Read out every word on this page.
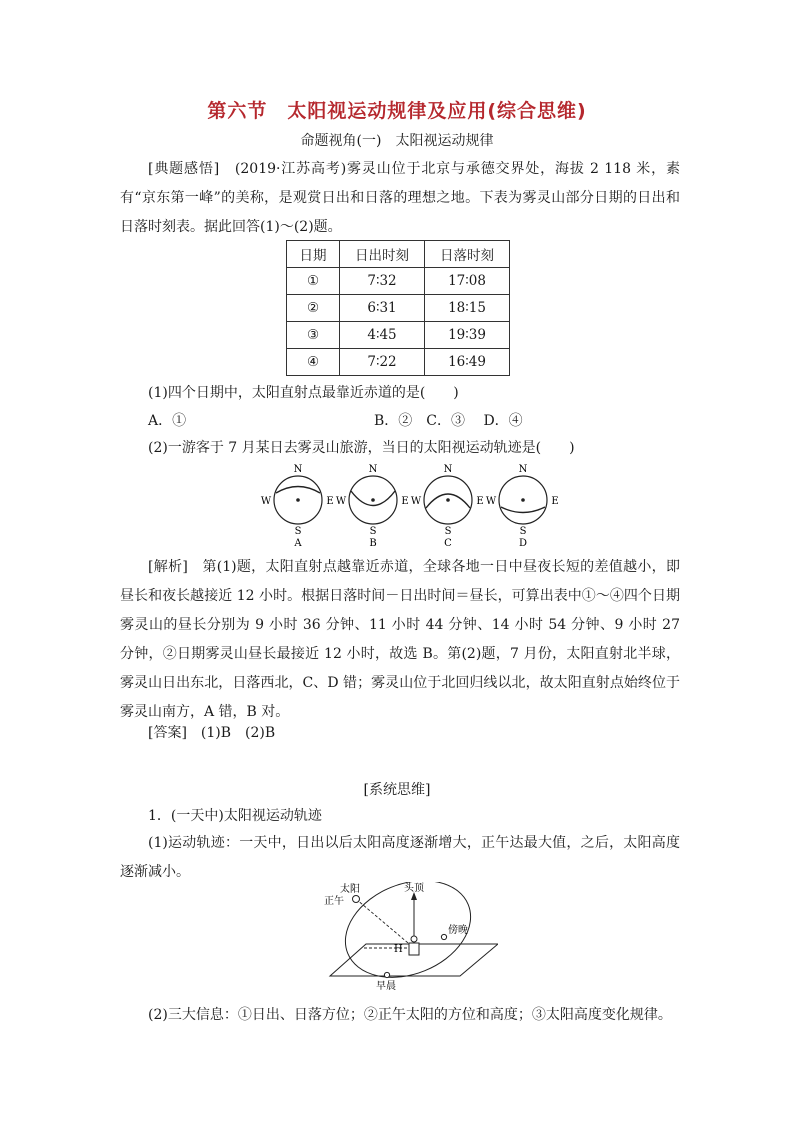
第六节　太阳视运动规律及应用(综合思维)
命题视角(一)　太阳视运动规律
[典题感悟]　(2019·江苏高考)雾灵山位于北京与承德交界处，海拔 2 118 米，素有“京东第一峰”的美称，是观赏日出和日落的理想之地。下表为雾灵山部分日期的日出和日落时刻表。据此回答(1)～(2)题。
日期	日出时刻	日落时刻
①	7∶32	17∶08
②	6∶31	18∶15
③	4∶45	19∶39
④	7∶22	16∶49
(1)四个日期中，太阳直射点最靠近赤道的是(　　)
A．①	B．②　C．③　 D．④
(2)一游客于 7 月某日去雾灵山旅游，当日的太阳视运动轨迹是(　　)
N
W	E
S
A
N
W	E
S
B
N
W	E
S
C
N
W	E
S
D
[解析]　第(1)题，太阳直射点越靠近赤道，全球各地一日中昼夜长短的差值越小，即昼长和夜长越接近 12 小时。根据日落时间－日出时间＝昼长，可算出表中①～④四个日期雾灵山的昼长分别为 9 小时 36 分钟、11 小时 44 分钟、14 小时 54 分钟、9 小时 27 分钟，②日期雾灵山昼长最接近 12 小时，故选 B。第(2)题，7 月份，太阳直射北半球，雾灵山日出东北，日落西北，C、D 错；雾灵山位于北回归线以北，故太阳直射点始终位于雾灵山南方，A 错，B 对。
[答案]　(1)B　(2)B
[系统思维]
1．(一天中)太阳视运动轨迹
(1)运动轨迹：一天中，日出以后太阳高度逐渐增大，正午达最大值，之后，太阳高度逐渐减小。
太阳
正午
头顶
傍晚
早晨
H
(2)三大信息：①日出、日落方位；②正午太阳的方位和高度；③太阳高度变化规律。
